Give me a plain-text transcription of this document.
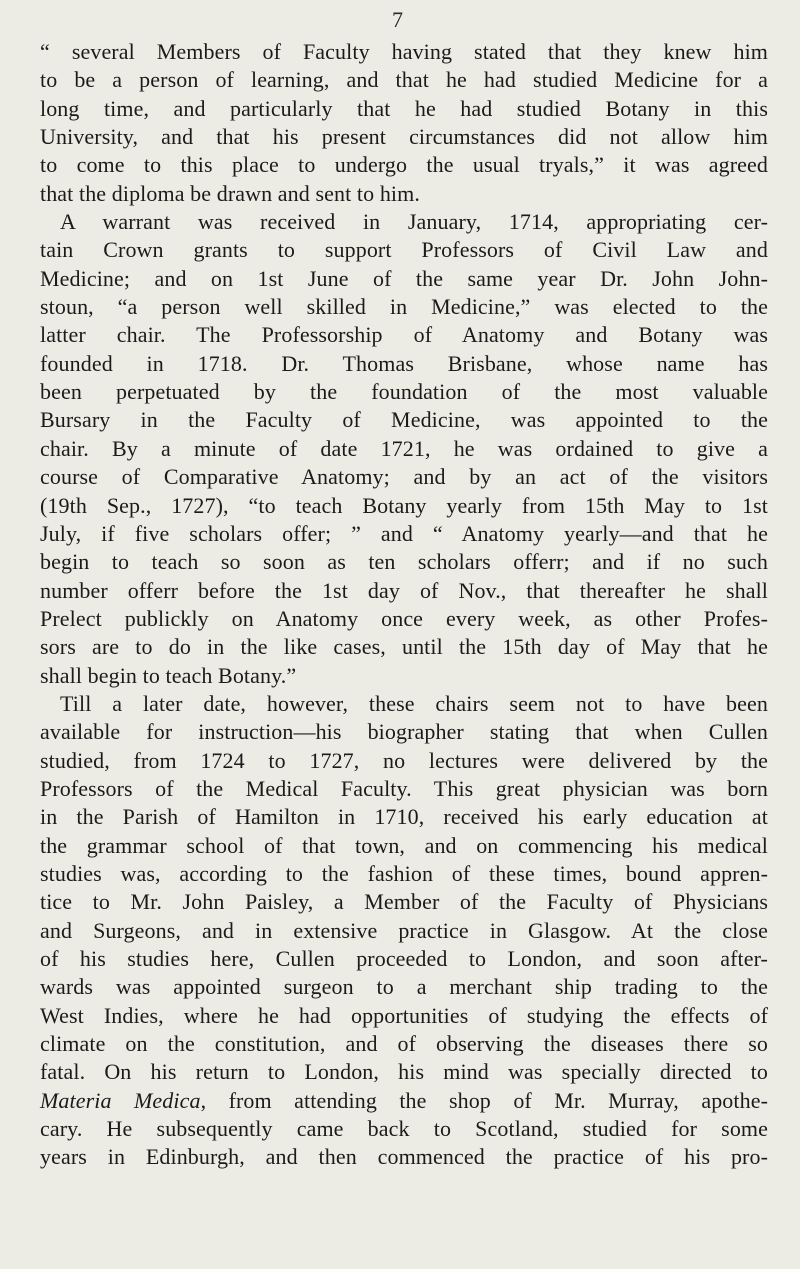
7
“ several Members of Faculty having stated that they knew him
to be a person of learning, and that he had studied Medicine for a
long time, and particularly that he had studied Botany in this
University, and that his present circumstances did not allow him
to come to this place to undergo the usual tryals,” it was agreed
that the diploma be drawn and sent to him.
A warrant was received in January, 1714, appropriating cer-
tain Crown grants to support Professors of Civil Law and
Medicine; and on 1st June of the same year Dr. John John-
stoun, “a person well skilled in Medicine,” was elected to the
latter chair. The Professorship of Anatomy and Botany was
founded in 1718. Dr. Thomas Brisbane, whose name has
been perpetuated by the foundation of the most valuable
Bursary in the Faculty of Medicine, was appointed to the
chair. By a minute of date 1721, he was ordained to give a
course of Comparative Anatomy; and by an act of the visitors
(19th Sep., 1727), “to teach Botany yearly from 15th May to 1st
July, if five scholars offer; ” and “ Anatomy yearly—and that he
begin to teach so soon as ten scholars offerr; and if no such
number offerr before the 1st day of Nov., that thereafter he shall
Prelect publickly on Anatomy once every week, as other Profes-
sors are to do in the like cases, until the 15th day of May that he
shall begin to teach Botany.”
Till a later date, however, these chairs seem not to have been
available for instruction—his biographer stating that when Cullen
studied, from 1724 to 1727, no lectures were delivered by the
Professors of the Medical Faculty. This great physician was born
in the Parish of Hamilton in 1710, received his early education at
the grammar school of that town, and on commencing his medical
studies was, according to the fashion of these times, bound appren-
tice to Mr. John Paisley, a Member of the Faculty of Physicians
and Surgeons, and in extensive practice in Glasgow. At the close
of his studies here, Cullen proceeded to London, and soon after-
wards was appointed surgeon to a merchant ship trading to the
West Indies, where he had opportunities of studying the effects of
climate on the constitution, and of observing the diseases there so
fatal. On his return to London, his mind was specially directed to
Materia Medica, from attending the shop of Mr. Murray, apothe-
cary. He subsequently came back to Scotland, studied for some
years in Edinburgh, and then commenced the practice of his pro-
